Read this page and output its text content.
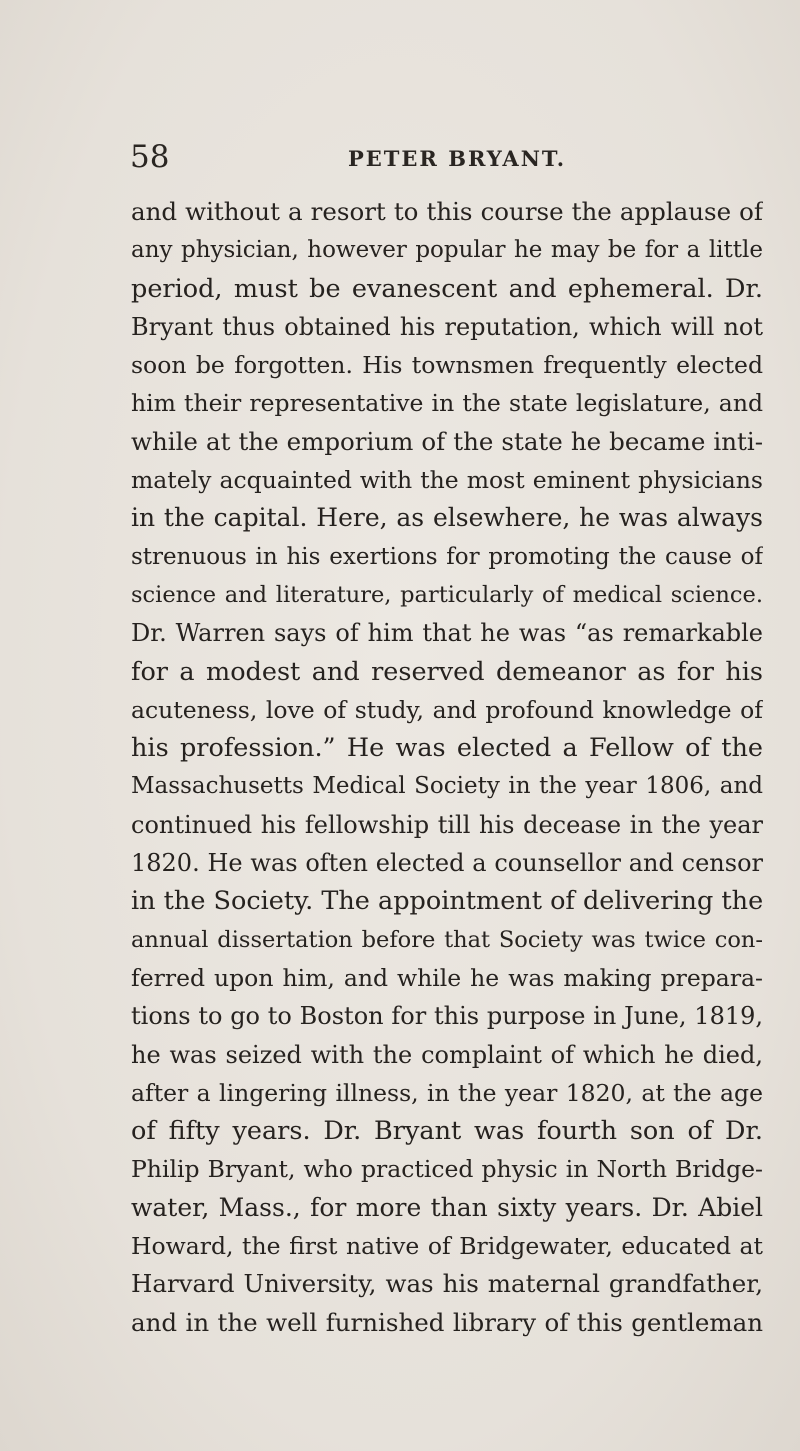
58	PETER BRYANT.
and without a resort to this course the applause of
any physician, however popular he may be for a little
period, must be evanescent and ephemeral. Dr.
Bryant thus obtained his reputation, which will not
soon be forgotten. His townsmen frequently elected
him their representative in the state legislature, and
while at the emporium of the state he became inti-
mately acquainted with the most eminent physicians
in the capital. Here, as elsewhere, he was always
strenuous in his exertions for promoting the cause of
science and literature, particularly of medical science.
Dr. Warren says of him that he was “as remarkable
for a modest and reserved demeanor as for his
acuteness, love of study, and profound knowledge of
his profession.” He was elected a Fellow of the
Massachusetts Medical Society in the year 1806, and
continued his fellowship till his decease in the year
1820. He was often elected a counsellor and censor
in the Society. The appointment of delivering the
annual dissertation before that Society was twice con-
ferred upon him, and while he was making prepara-
tions to go to Boston for this purpose in June, 1819,
he was seized with the complaint of which he died,
after a lingering illness, in the year 1820, at the age
of fifty years. Dr. Bryant was fourth son of Dr.
Philip Bryant, who practiced physic in North Bridge-
water, Mass., for more than sixty years. Dr. Abiel
Howard, the first native of Bridgewater, educated at
Harvard University, was his maternal grandfather,
and in the well furnished library of this gentleman
